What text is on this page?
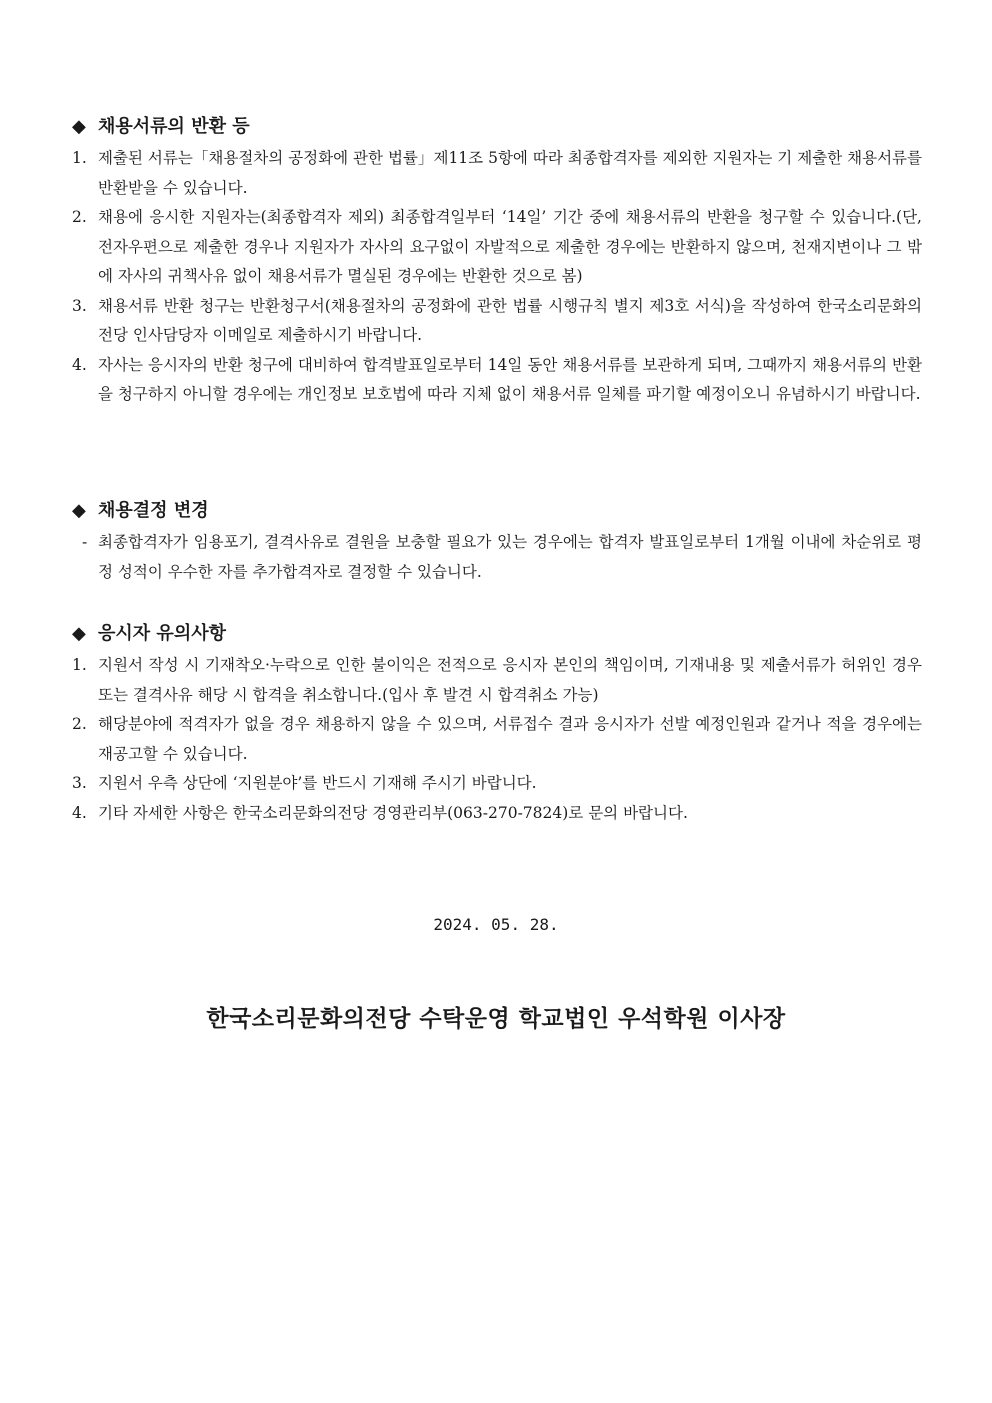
◆ 채용서류의 반환 등
1. 제출된 서류는「채용절차의 공정화에 관한 법률」제11조 5항에 따라 최종합격자를 제외한 지원자는 기 제출한 채용서류를 반환받을 수 있습니다.
2. 채용에 응시한 지원자는(최종합격자 제외) 최종합격일부터 ‘14일’ 기간 중에 채용서류의 반환을 청구할 수 있습니다.(단, 전자우편으로 제출한 경우나 지원자가 자사의 요구없이 자발적으로 제출한 경우에는 반환하지 않으며, 천재지변이나 그 밖에 자사의 귀책사유 없이 채용서류가 멸실된 경우에는 반환한 것으로 봄)
3. 채용서류 반환 청구는 반환청구서(채용절차의 공정화에 관한 법률 시행규칙 별지 제3호 서식)을 작성하여 한국소리문화의전당 인사담당자 이메일로 제출하시기 바랍니다.
4. 자사는 응시자의 반환 청구에 대비하여 합격발표일로부터 14일 동안 채용서류를 보관하게 되며, 그때까지 채용서류의 반환을 청구하지 아니할 경우에는 개인정보 보호법에 따라 지체 없이 채용서류 일체를 파기할 예정이오니 유념하시기 바랍니다.
◆ 채용결정 변경
- 최종합격자가 임용포기, 결격사유로 결원을 보충할 필요가 있는 경우에는 합격자 발표일로부터 1개월 이내에 차순위로 평정 성적이 우수한 자를 추가합격자로 결정할 수 있습니다.
◆ 응시자 유의사항
1. 지원서 작성 시 기재착오·누락으로 인한 불이익은 전적으로 응시자 본인의 책임이며, 기재내용 및 제출서류가 허위인 경우 또는 결격사유 해당 시 합격을 취소합니다.(입사 후 발견 시 합격취소 가능)
2. 해당분야에 적격자가 없을 경우 채용하지 않을 수 있으며, 서류접수 결과 응시자가 선발 예정인원과 같거나 적을 경우에는 재공고할 수 있습니다.
3. 지원서 우측 상단에 ‘지원분야’를 반드시 기재해 주시기 바랍니다.
4. 기타 자세한 사항은 한국소리문화의전당 경영관리부(063-270-7824)로 문의 바랍니다.
2024. 05. 28.
한국소리문화의전당 수탁운영 학교법인 우석학원 이사장
